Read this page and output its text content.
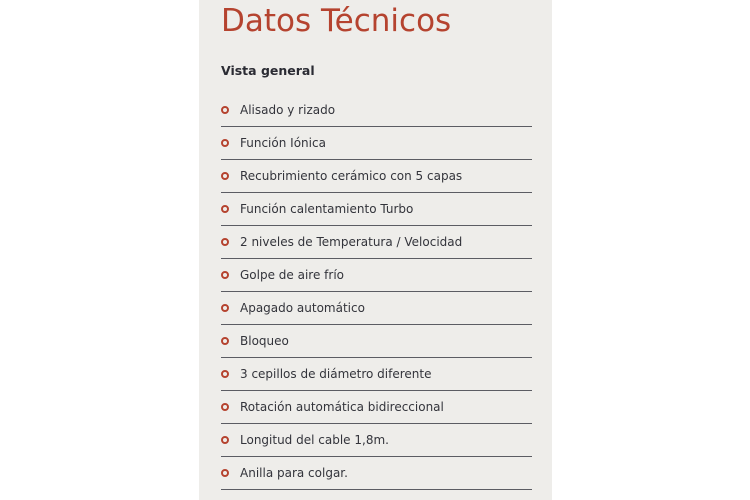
Datos Técnicos
Vista general
Alisado y rizado
Función Iónica
Recubrimiento cerámico con 5 capas
Función calentamiento Turbo
2 niveles de Temperatura / Velocidad
Golpe de aire frío
Apagado automático
Bloqueo
3 cepillos de diámetro diferente
Rotación automática bidireccional
Longitud del cable 1,8m.
Anilla para colgar.
